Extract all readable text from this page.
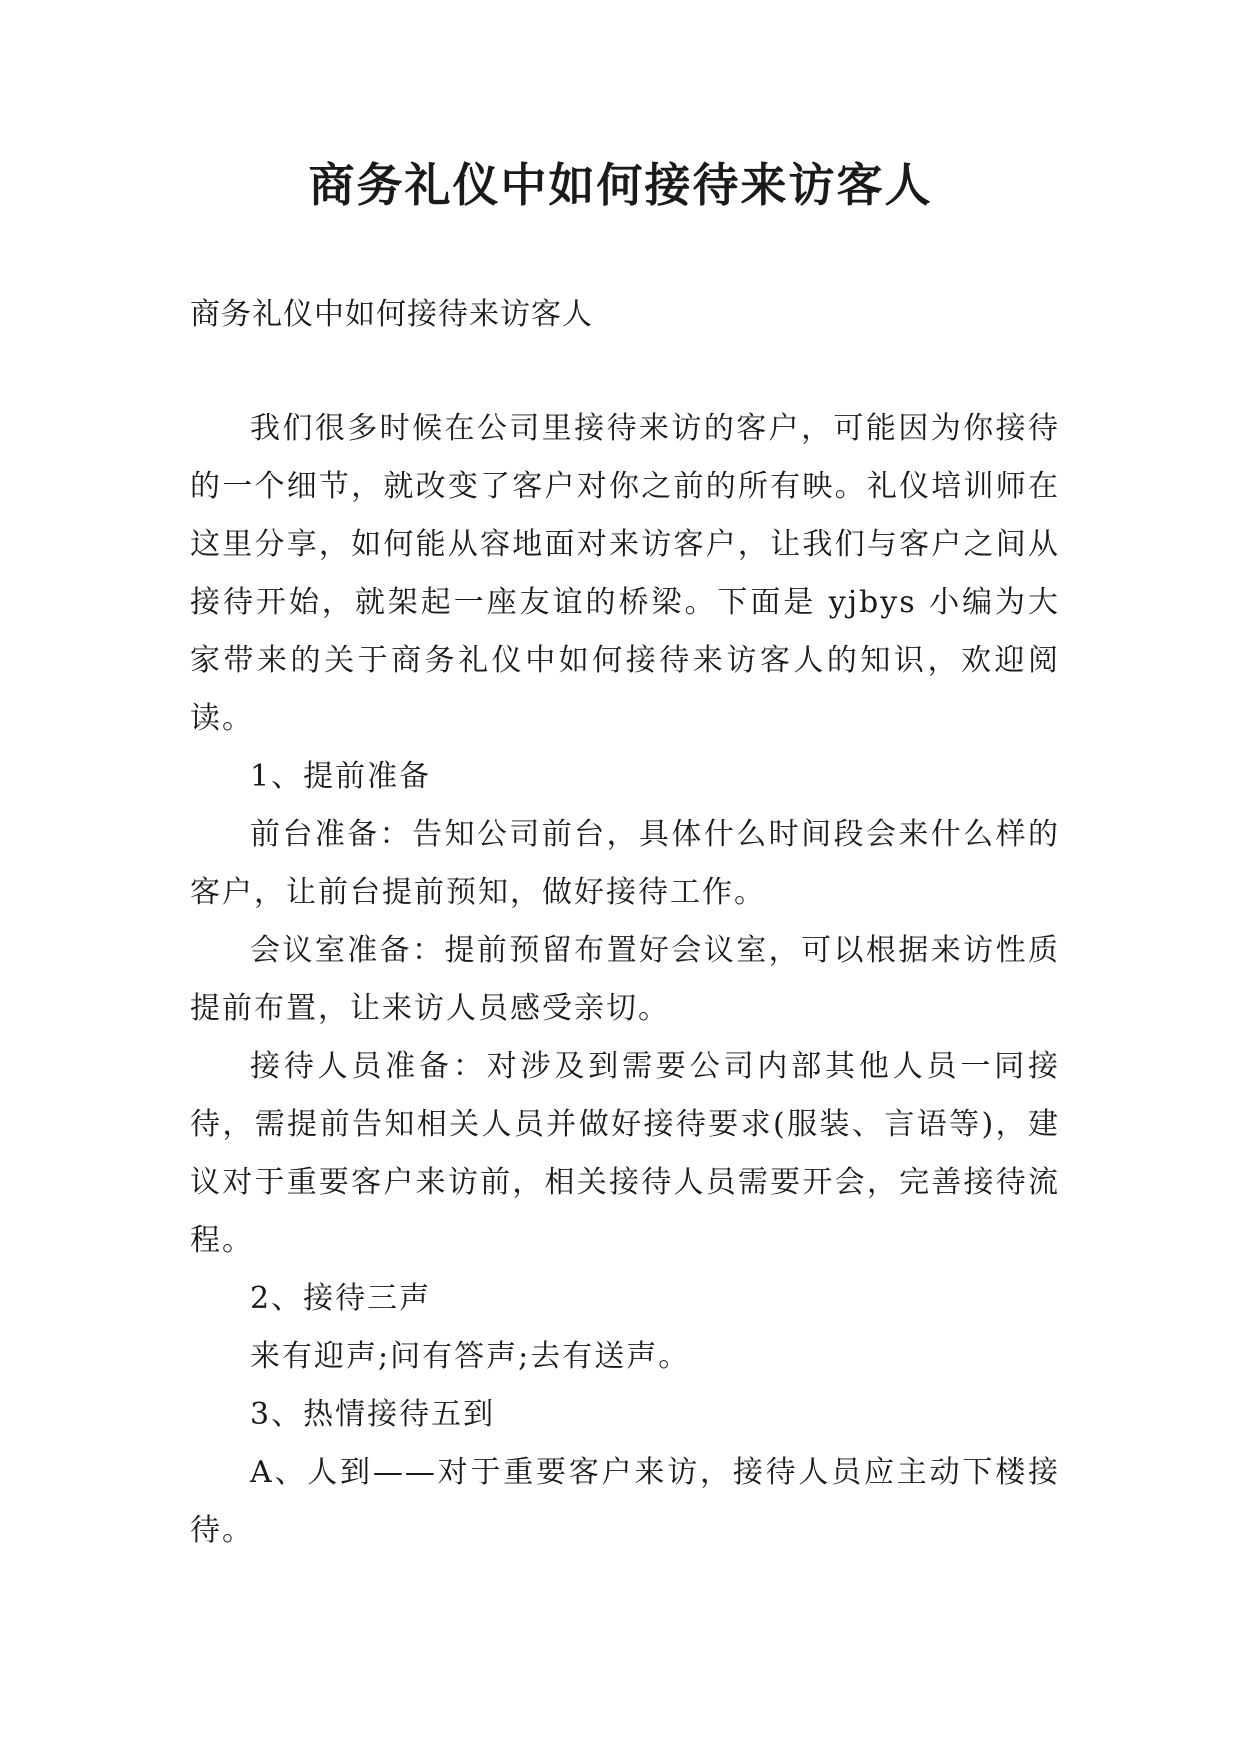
商务礼仪中如何接待来访客人
商务礼仪中如何接待来访客人

我们很多时候在公司里接待来访的客户，可能因为你接待的一个细节，就改变了客户对你之前的所有映。礼仪培训师在这里分享，如何能从容地面对来访客户，让我们与客户之间从接待开始，就架起一座友谊的桥梁。下面是 yjbys 小编为大家带来的关于商务礼仪中如何接待来访客人的知识，欢迎阅读。

1、提前准备

前台准备：告知公司前台，具体什么时间段会来什么样的客户，让前台提前预知，做好接待工作。

会议室准备：提前预留布置好会议室，可以根据来访性质提前布置，让来访人员感受亲切。

接待人员准备：对涉及到需要公司内部其他人员一同接待，需提前告知相关人员并做好接待要求(服装、言语等)，建议对于重要客户来访前，相关接待人员需要开会，完善接待流程。

2、接待三声

来有迎声;问有答声;去有送声。

3、热情接待五到

A、人到——对于重要客户来访，接待人员应主动下楼接待。
